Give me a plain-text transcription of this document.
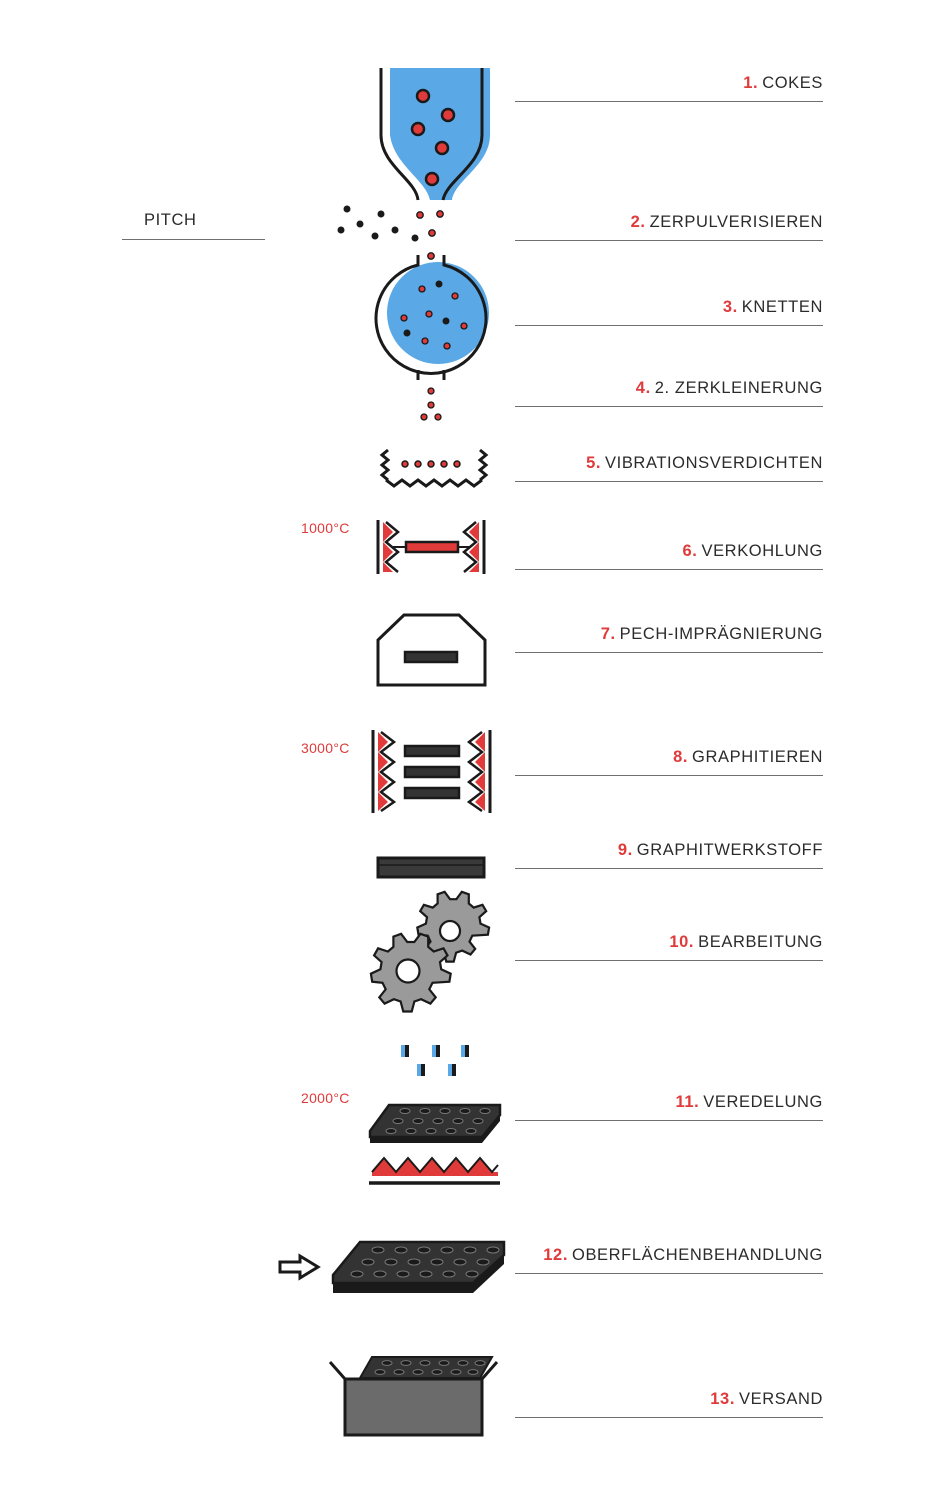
PITCH
1000°C
3000°C
2000°C
1. COKES
2. ZERPULVERISIEREN
3. KNETTEN
4. 2. ZERKLEINERUNG
5. VIBRATIONSVERDICHTEN
6. VERKOHLUNG
7. PECH-IMPRÄGNIERUNG
8. GRAPHITIEREN
9. GRAPHITWERKSTOFF
10. BEARBEITUNG
11. VEREDELUNG
12. OBERFLÄCHENBEHANDLUNG
13. VERSAND
